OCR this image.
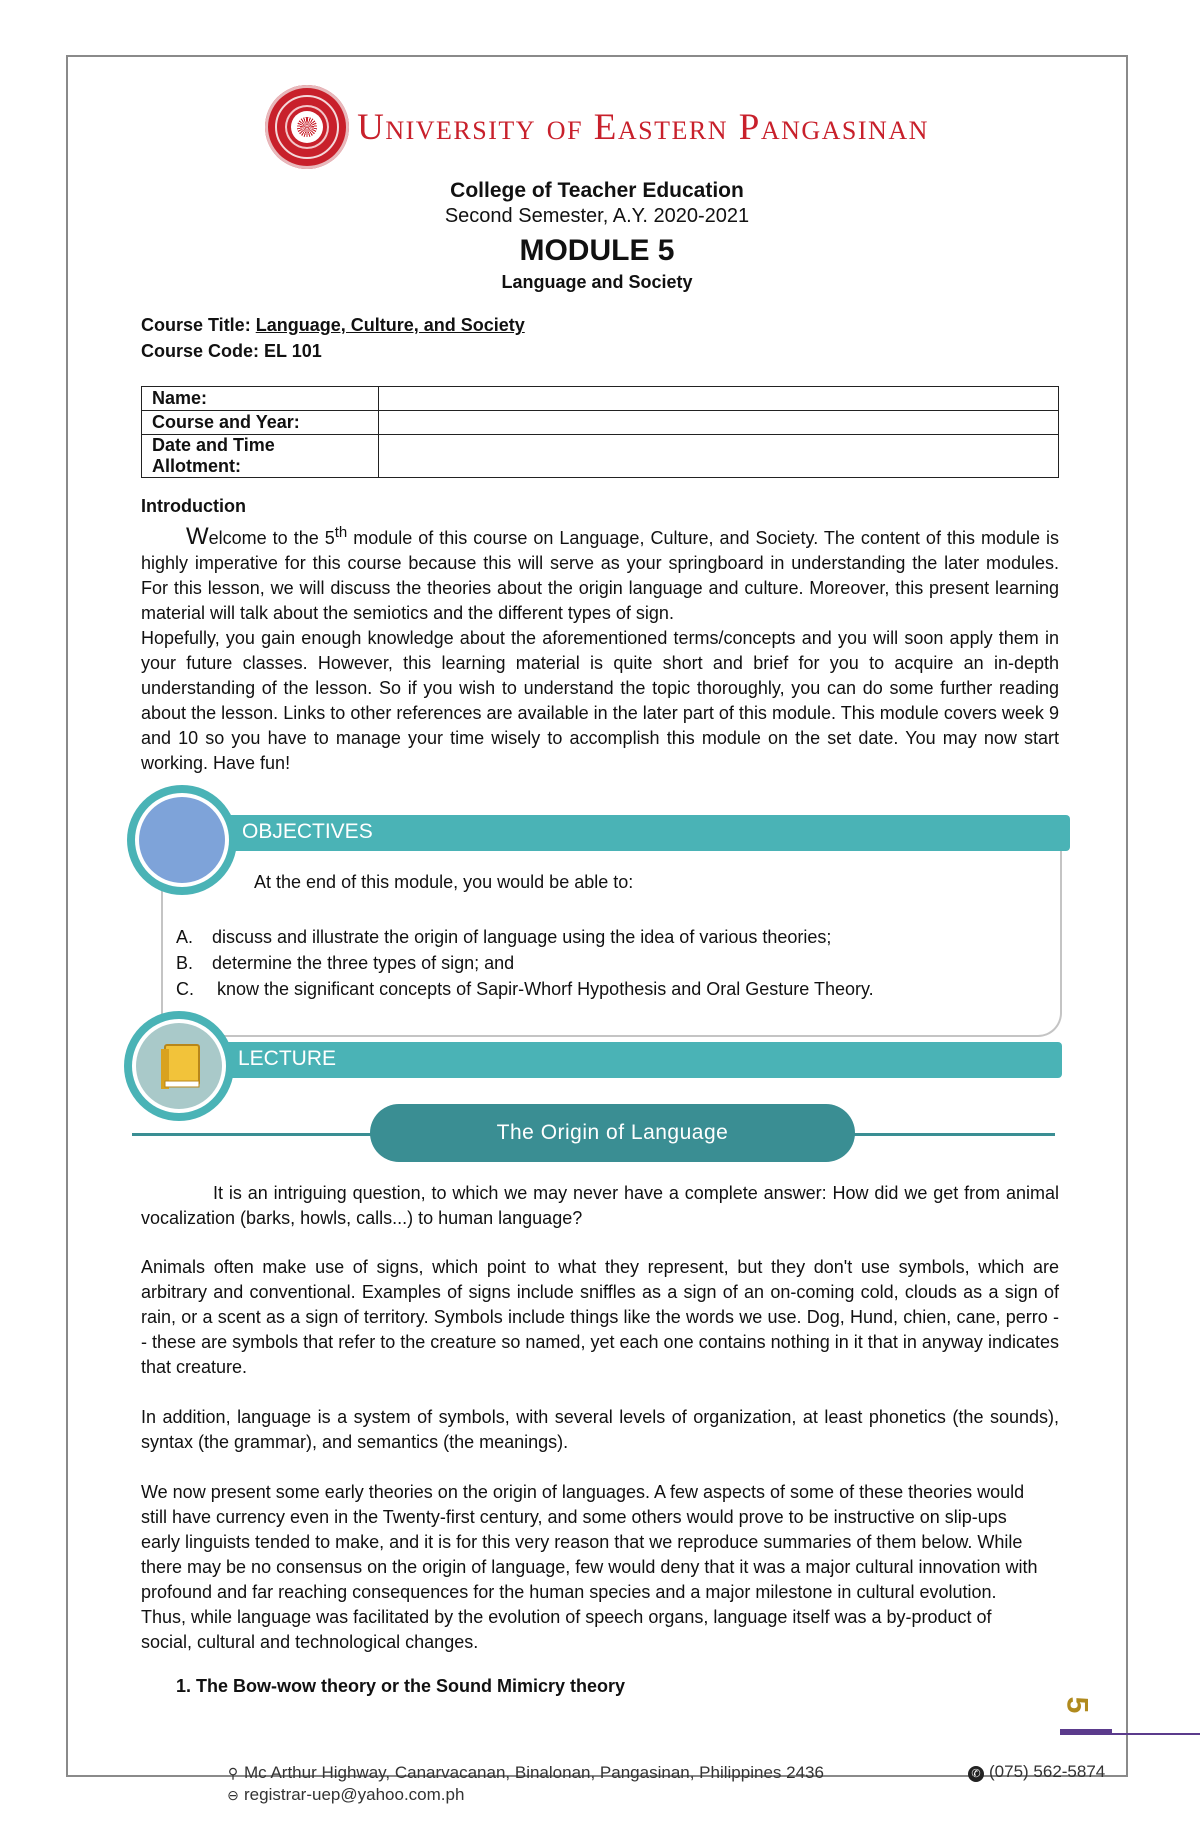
University of Eastern Pangasinan
College of Teacher Education
Second Semester, A.Y. 2020-2021
MODULE 5
Language and Society
Course Title: Language, Culture, and Society
Course Code: EL 101
Name:	
Course and Year:	
Date and Time Allotment:	
Introduction

   Welcome to the 5th module of this course on Language, Culture, and Society. The content of this module is highly imperative for this course because this will serve as your springboard in understanding the later modules. For this lesson, we will discuss the theories about the origin language and culture. Moreover, this present learning material will talk about the semiotics and the different types of sign.

Hopefully, you gain enough knowledge about the aforementioned terms/concepts and you will soon apply them in your future classes. However, this learning material is quite short and brief for you to acquire an in-depth understanding of the lesson. So if you wish to understand the topic thoroughly, you can do some further reading about the lesson. Links to other references are available in the later part of this module. This module covers week 9 and 10 so you have to manage your time wisely to accomplish this module on the set date. You may now start working. Have fun!

OBJECTIVES
At the end of this module, you would be able to:
A. discuss and illustrate the origin of language using the idea of various theories;
B. determine the three types of sign; and
C. know the significant concepts of Sapir-Whorf Hypothesis and Oral Gesture Theory.
LECTURE
The Origin of Language

It is an intriguing question, to which we may never have a complete answer: How did we get from animal vocalization (barks, howls, calls...) to human language?

Animals often make use of signs, which point to what they represent, but they don't use symbols, which are arbitrary and conventional. Examples of signs include sniffles as a sign of an on-coming cold, clouds as a sign of rain, or a scent as a sign of territory. Symbols include things like the words we use. Dog, Hund, chien, cane, perro -- these are symbols that refer to the creature so named, yet each one contains nothing in it that in anyway indicates that creature.

In addition, language is a system of symbols, with several levels of organization, at least phonetics (the sounds), syntax (the grammar), and semantics (the meanings).

We now present some early theories on the origin of languages. A few aspects of some of these theories would still have currency even in the Twenty-first century, and some others would prove to be instructive on slip-ups early linguists tended to make, and it is for this very reason that we reproduce summaries of them below. While there may be no consensus on the origin of language, few would deny that it was a major cultural innovation with profound and far reaching consequences for the human species and a major milestone in cultural evolution. Thus, while language was facilitated by the evolution of speech organs, language itself was a by-product of social, cultural and technological changes.

1. The Bow-wow theory or the Sound Mimicry theory
5
⚲ Mc Arthur Highway, Canarvacanan, Binalonan, Pangasinan, Philippines 2436
⊖ registrar-uep@yahoo.com.ph
✆ (075) 562-5874
